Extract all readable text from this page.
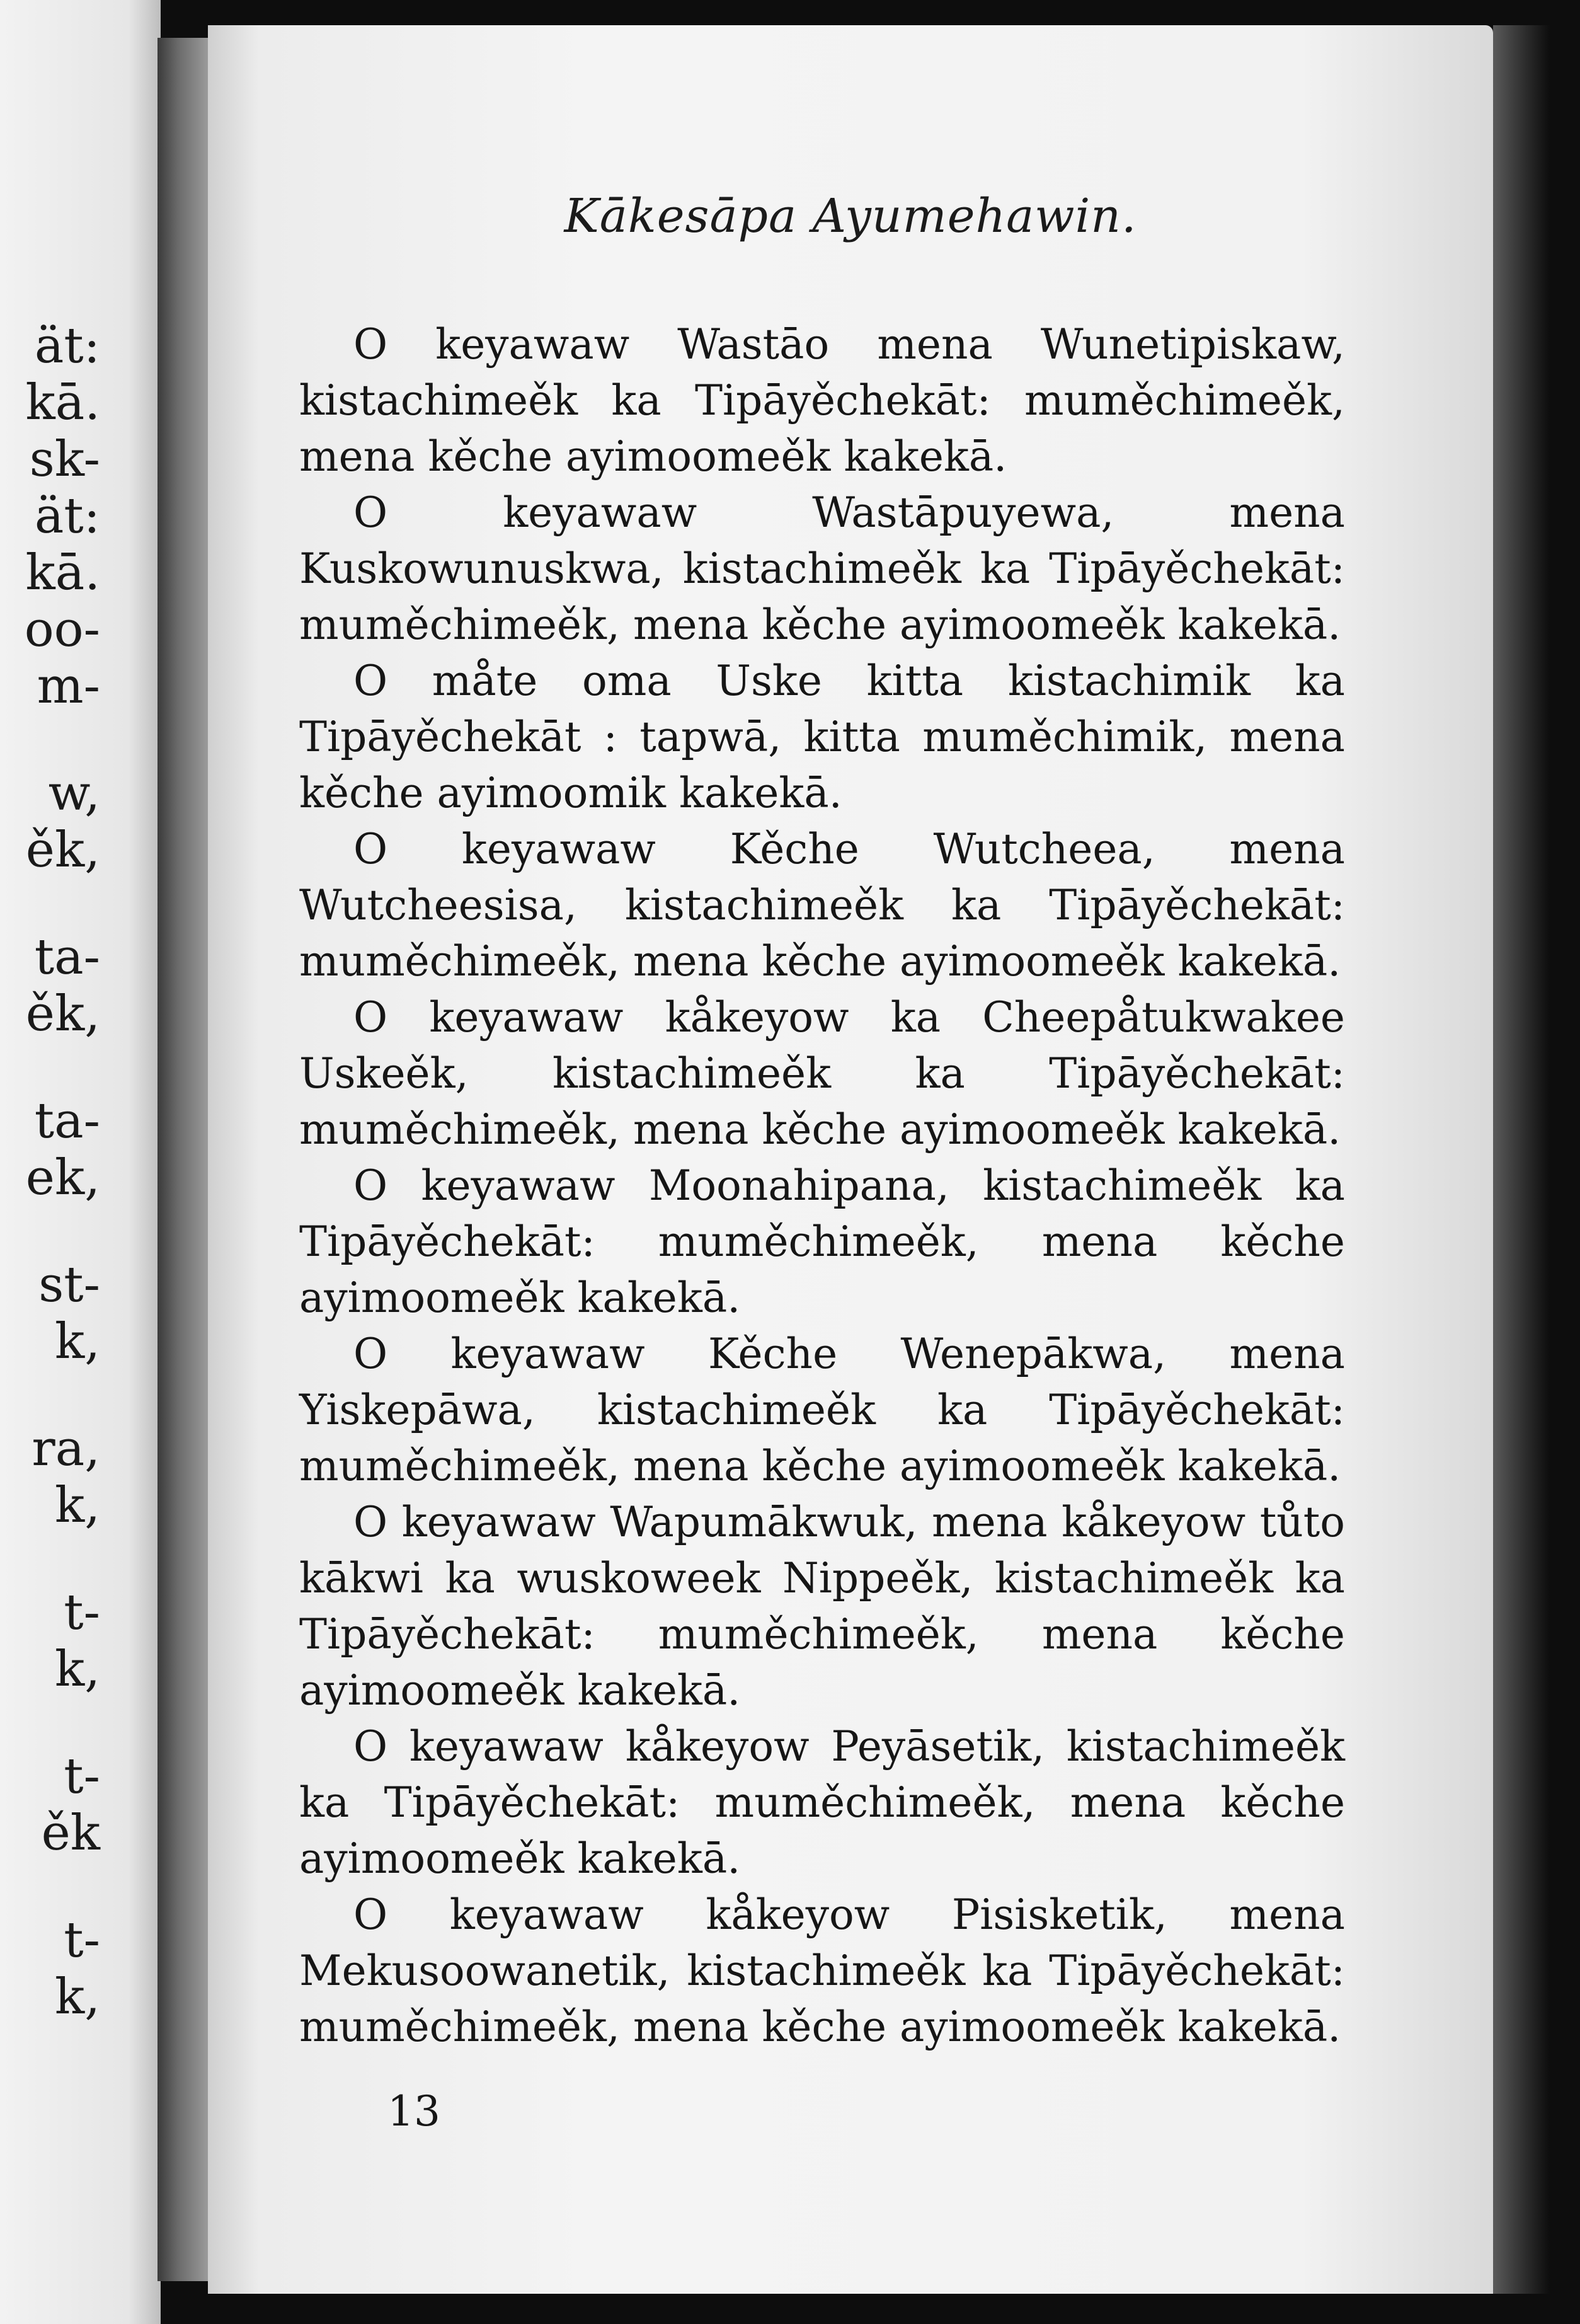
ät:
kā.
sk-
ät:
kā.
oo-
m-
w,
ěk,
ta-
ěk,
ta-
ek,
st-
k,
ra,
k,
t-
k,
t-
ěk
t-
k,
Kākesāpa Ayumehawin.

O keyawaw Wastāo mena Wunetipiskaw, kistachimeěk ka Tipāyěchekāt: muměchimeěk, mena kěche ayimoomeěk kakekā.

O keyawaw Wastāpuyewa, mena Kuskowunuskwa, kistachimeěk ka Tipāyěchekāt: muměchimeěk, mena kěche ayimoomeěk kakekā.

O måte oma Uske kitta kistachimik ka Tipāyěchekāt : tapwā, kitta muměchimik, mena kěche ayimoomik kakekā.

O keyawaw Kěche Wutcheea, mena Wutcheesisa, kistachimeěk ka Tipāyěchekāt: muměchimeěk, mena kěche ayimoomeěk kakekā.

O keyawaw kåkeyow ka Cheepåtukwakee Uskeěk, kistachimeěk ka Tipāyěchekāt: muměchimeěk, mena kěche ayimoomeěk kakekā.

O keyawaw Moonahipana, kistachimeěk ka Tipāyěchekāt: muměchimeěk, mena kěche ayimoomeěk kakekā.

O keyawaw Kěche Wenepākwa, mena Yiskepāwa, kistachimeěk ka Tipāyěchekāt: muměchimeěk, mena kěche ayimoomeěk kakekā.

O keyawaw Wapumākwuk, mena kåkeyow tůto kākwi ka wuskoweek Nippeěk, kistachimeěk ka Tipāyěchekāt: muměchimeěk, mena kěche ayimoomeěk kakekā.

O keyawaw kåkeyow Peyāsetik, kistachimeěk ka Tipāyěchekāt: muměchimeěk, mena kěche ayimoomeěk kakekā.

O keyawaw kåkeyow Pisisketik, mena Mekusoowanetik, kistachimeěk ka Tipāyěchekāt: muměchimeěk, mena kěche ayimoomeěk kakekā.

13
